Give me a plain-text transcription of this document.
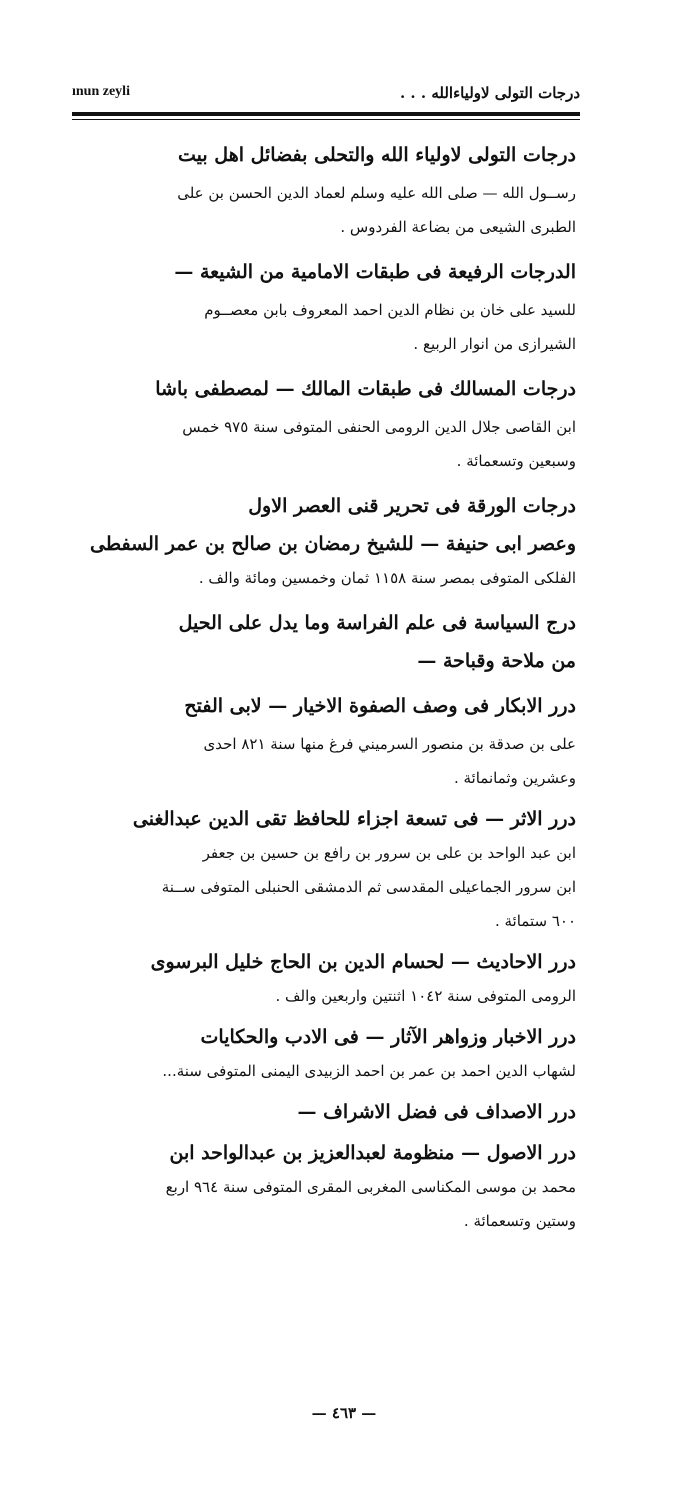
درجات التولى لاولياءالله . . .
ınun zeyli
درجات التولى لاولياء الله والتحلى بفضائل اهل بيت
رســول الله — صلى الله عليه وسلم لعماد الدين الحسن بن على
الطبرى الشيعى من بضاعة الفردوس .
الدرجات الرفيعة فى طبقات الامامية من الشيعة —
للسيد على خان بن نظام الدين احمد المعروف بابن معصــوم
الشيرازى من انوار الربيع .
درجات المسالك فى طبقات المالك — لمصطفى باشا
ابن القاصى جلال الدين الرومى الحنفى المتوفى سنة ٩٧٥ خمس
وسبعين وتسعمائة .
درجات الورقة فى تحرير قنى العصر الاول
وعصر ابى حنيفة — للشيخ رمضان بن صالح بن عمر السفطى
الفلكى المتوفى بمصر سنة ١١٥٨ ثمان وخمسين ومائة والف .
درج السياسة فى علم الفراسة وما يدل على الحيل
من ملاحة وقباحة —
درر الابكار فى وصف الصفوة الاخيار — لابى الفتح
على بن صدقة بن منصور السرميني فرغ منها سنة ٨٢١ احدى
وعشرين وثمانمائة .
درر الاثر — فى تسعة اجزاء للحافظ تقى الدين عبدالغنى
ابن عبد الواحد بن على بن سرور بن رافع بن حسين بن جعفر
ابن سرور الجماعيلى المقدسى ثم الدمشقى الحنبلى المتوفى ســنة
٦٠٠ ستمائة .
درر الاحاديث — لحسام الدين بن الحاج خليل البرسوى
الرومى المتوفى سنة ١٠٤٢ اثنتين واربعين والف .
درر الاخبار وزواهر الآثار — فى الادب والحكايات
لشهاب الدين احمد بن عمر بن احمد الزبيدى اليمنى المتوفى سنة...
درر الاصداف فى فضل الاشراف —
درر الاصول — منظومة لعبدالعزيز بن عبدالواحد ابن
محمد بن موسى المكناسى المغربى المقرى المتوفى سنة ٩٦٤ اربع
وستين وتسعمائة .
— ٤٦٣ —
